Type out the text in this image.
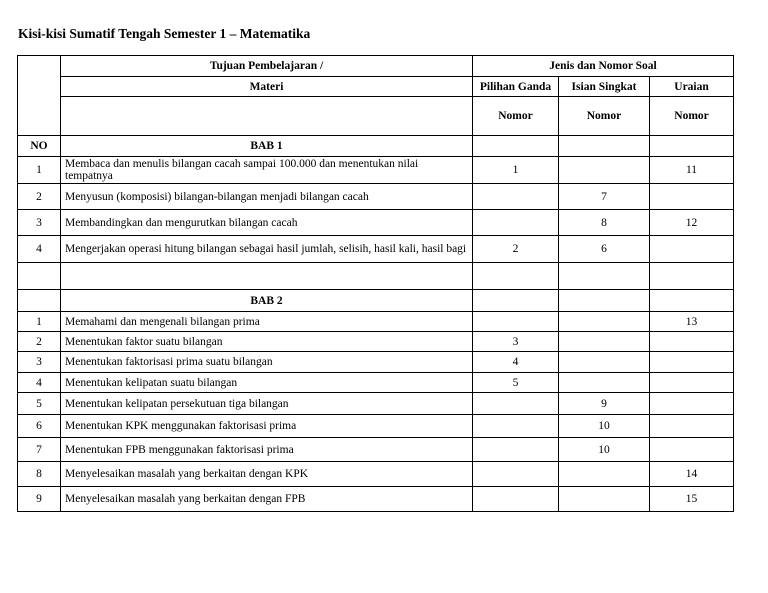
Kisi-kisi Sumatif Tengah Semester 1 – Matematika
	Tujuan Pembelajaran /	Jenis dan Nomor Soal		
	Materi	Pilihan Ganda	Isian Singkat	Uraian
		Nomor	Nomor	Nomor
NO	BAB 1			
1	Membaca dan menulis bilangan cacah sampai 100.000 dan menentukan nilai tempatnya	1		11
2	Menyusun (komposisi) bilangan-bilangan menjadi bilangan cacah		7	
3	Membandingkan dan mengurutkan bilangan cacah		8	12
4	Mengerjakan operasi hitung bilangan sebagai hasil jumlah, selisih, hasil kali, hasil bagi	2	6	

	BAB 2			
1	Memahami dan mengenali bilangan prima			13
2	Menentukan faktor suatu bilangan	3		
3	Menentukan faktorisasi prima suatu bilangan	4		
4	Menentukan kelipatan suatu bilangan	5		
5	Menentukan kelipatan persekutuan tiga bilangan		9	
6	Menentukan KPK menggunakan faktorisasi prima		10	
7	Menentukan FPB menggunakan faktorisasi prima		10	
8	Menyelesaikan masalah yang berkaitan dengan KPK			14
9	Menyelesaikan masalah yang berkaitan dengan FPB			15
